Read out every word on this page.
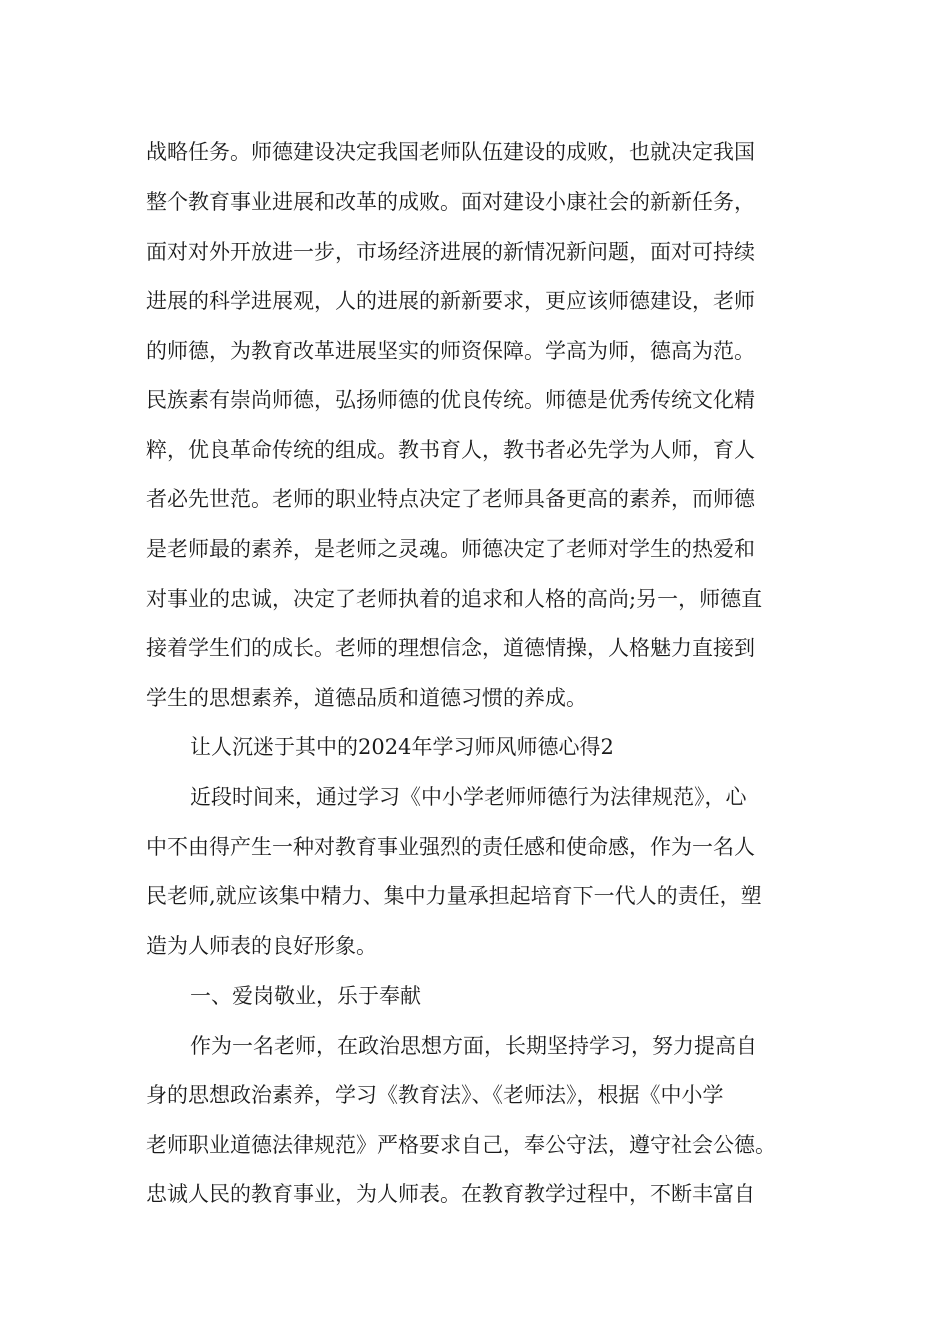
战略任务。师德建设决定我国老师队伍建设的成败，也就决定我国
整个教育事业进展和改革的成败。面对建设小康社会的新新任务，
面对对外开放进一步，市场经济进展的新情况新问题，面对可持续
进展的科学进展观，人的进展的新新要求，更应该师德建设，老师
的师德，为教育改革进展坚实的师资保障。学高为师，德高为范。
民族素有崇尚师德，弘扬师德的优良传统。师德是优秀传统文化精
粹，优良革命传统的组成。教书育人，教书者必先学为人师，育人
者必先世范。老师的职业特点决定了老师具备更高的素养，而师德
是老师最的素养，是老师之灵魂。师德决定了老师对学生的热爱和
对事业的忠诚，决定了老师执着的追求和人格的高尚;另一，师德直
接着学生们的成长。老师的理想信念，道德情操，人格魅力直接到
学生的思想素养，道德品质和道德习惯的养成。
让人沉迷于其中的2024年学习师风师德心得2
近段时间来，通过学习《中小学老师师德行为法律规范》，心
中不由得产生一种对教育事业强烈的责任感和使命感，作为一名人
民老师,就应该集中精力、集中力量承担起培育下一代人的责任，塑
造为人师表的良好形象。
一、爱岗敬业，乐于奉献
作为一名老师，在政治思想方面，长期坚持学习，努力提高自
身的思想政治素养，学习《教育法》、《老师法》，根据《中小学
老师职业道德法律规范》严格要求自己，奉公守法，遵守社会公德。
忠诚人民的教育事业，为人师表。在教育教学过程中，不断丰富自
